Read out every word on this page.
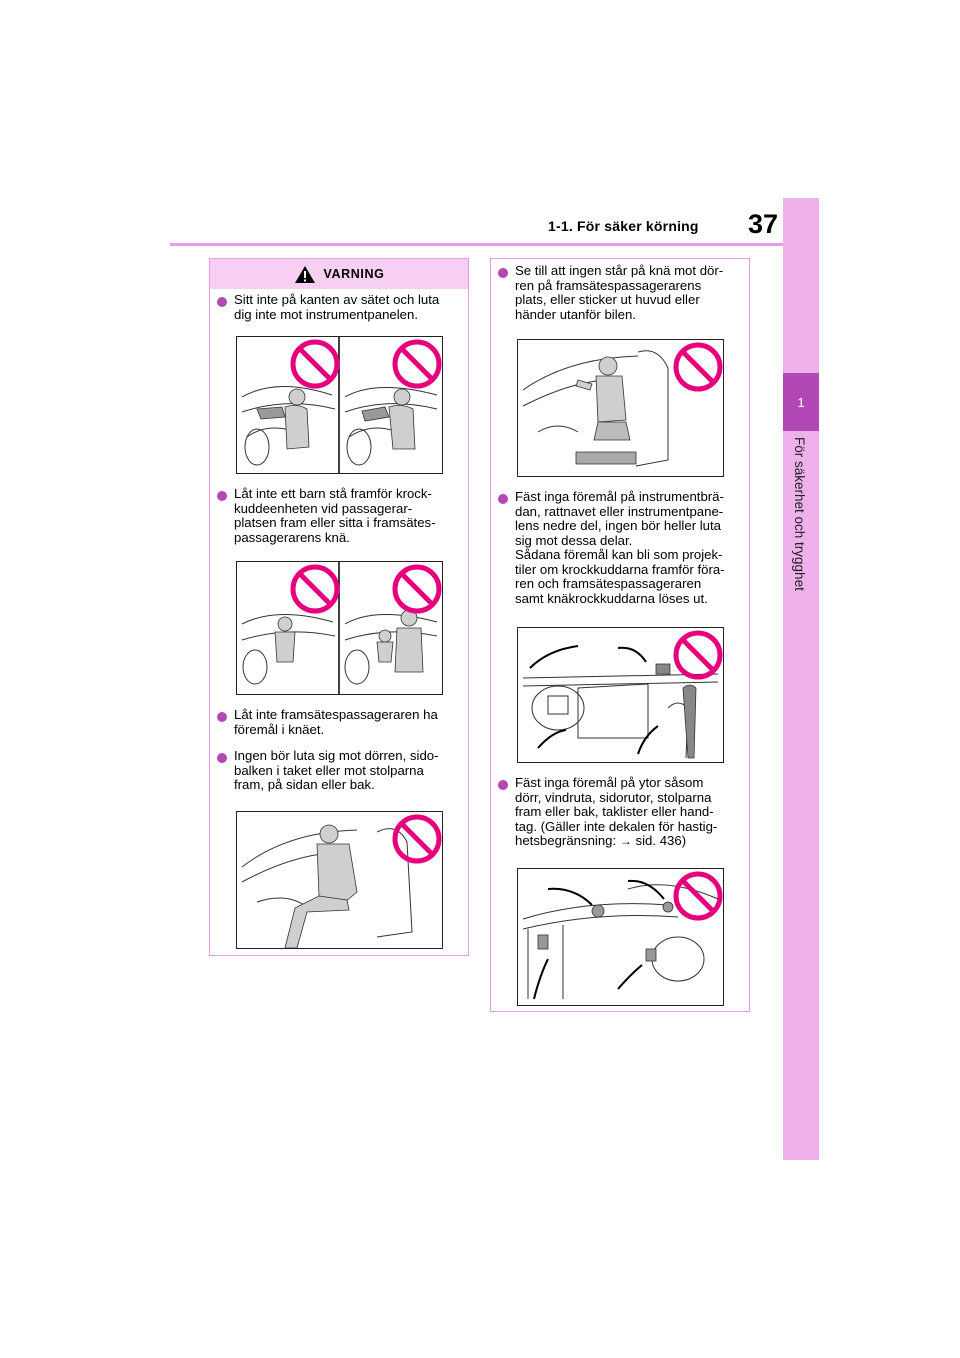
1-1. För säker körning 37
1
För säkerhet och trygghet
VARNING
Sitt inte på kanten av sätet och luta
dig inte mot instrumentpanelen.
Låt inte ett barn stå framför krock-
kuddeenheten vid passagerar-
platsen fram eller sitta i framsätes-
passagerarens knä.
Låt inte framsätespassageraren ha
föremål i knäet.
Ingen bör luta sig mot dörren, sido-
balken i taket eller mot stolparna
fram, på sidan eller bak.
Se till att ingen står på knä mot dör-
ren på framsätespassagerarens
plats, eller sticker ut huvud eller
händer utanför bilen.
Fäst inga föremål på instrumentbrä-
dan, rattnavet eller instrumentpane-
lens nedre del, ingen bör heller luta
sig mot dessa delar.
Sådana föremål kan bli som projek-
tiler om krockkuddarna framför föra-
ren och framsätespassageraren
samt knäkrockkuddarna löses ut.
Fäst inga föremål på ytor såsom
dörr, vindruta, sidorutor, stolparna
fram eller bak, taklister eller hand-
tag. (Gäller inte dekalen för hastig-
hetsbegränsning: → sid. 436)
